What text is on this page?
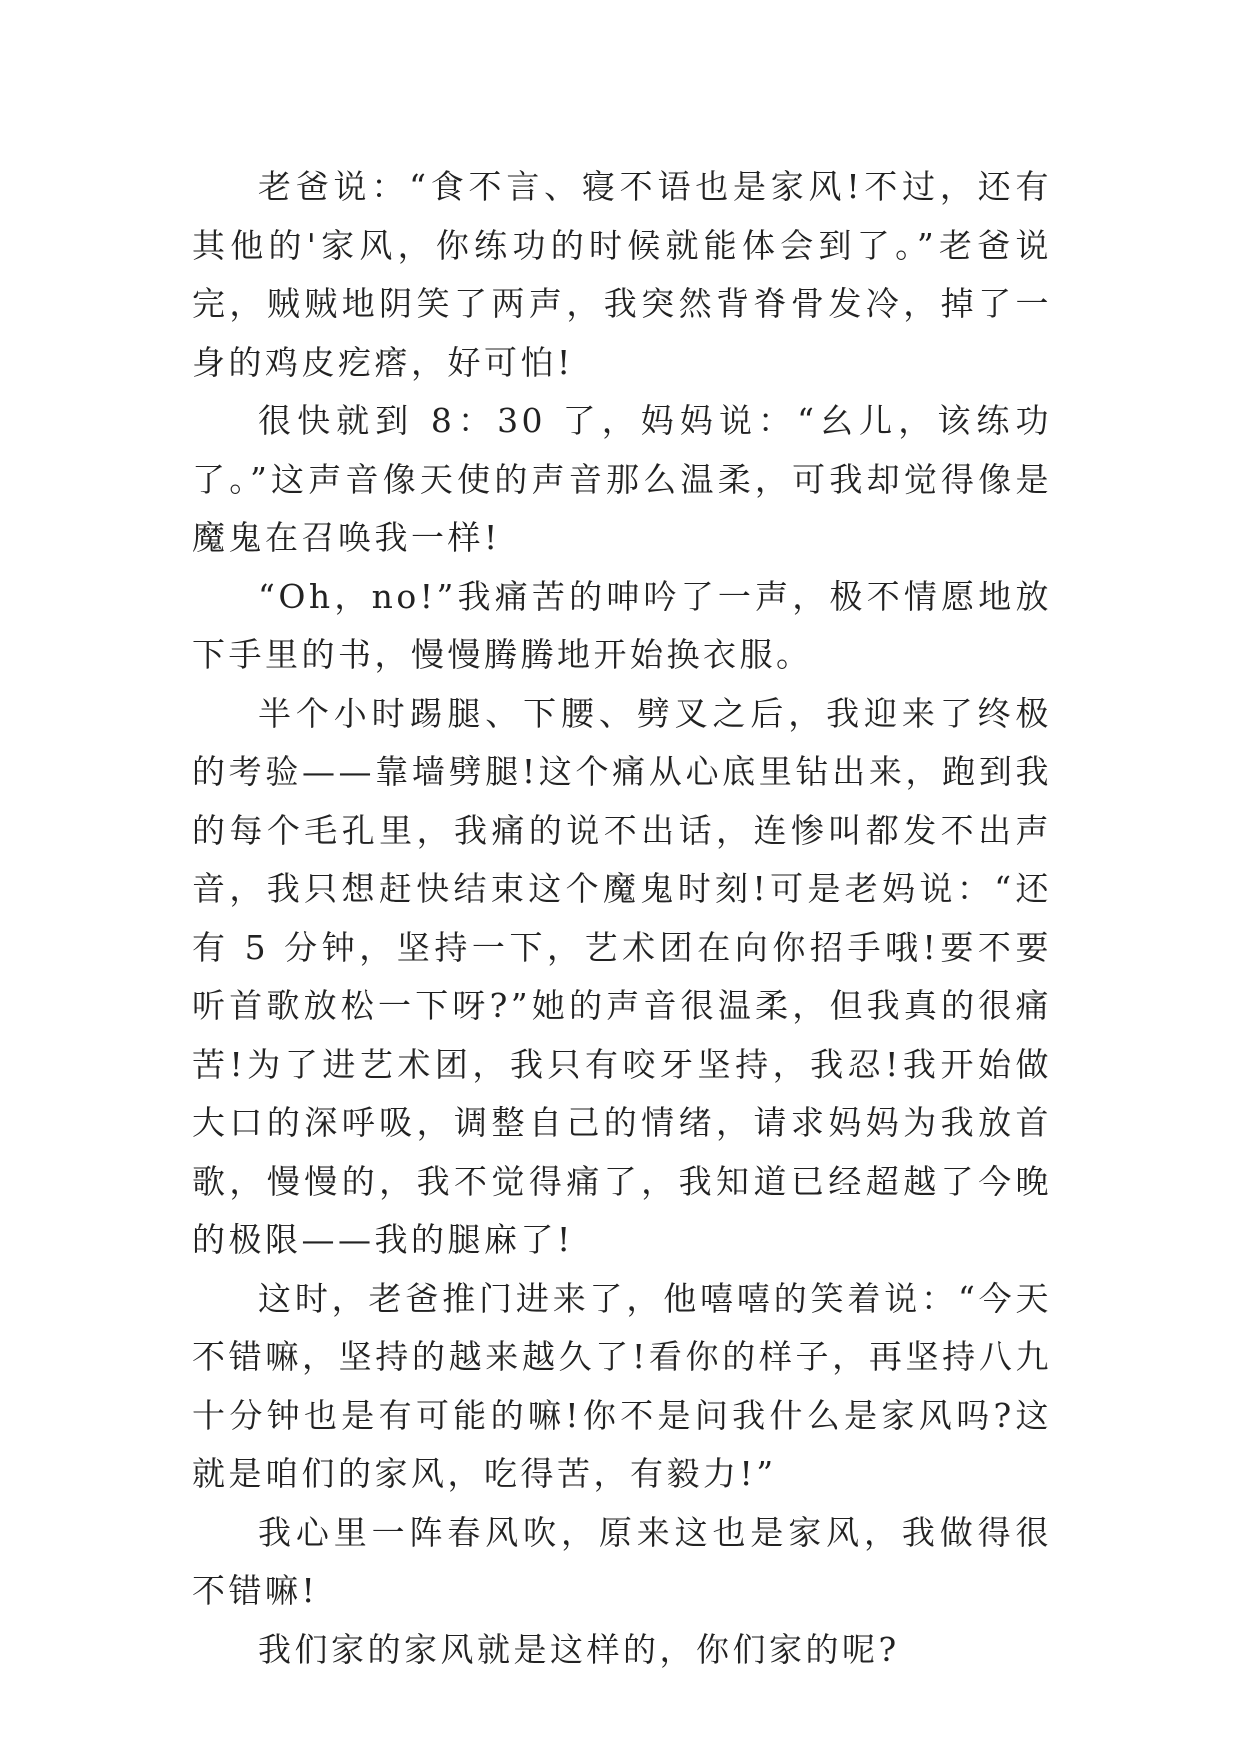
老爸说：“食不言、寝不语也是家风!不过，还有其他的'家风，你练功的时候就能体会到了。”老爸说完，贼贼地阴笑了两声，我突然背脊骨发冷，掉了一身的鸡皮疙瘩，好可怕!

很快就到 8：30 了，妈妈说：“幺儿，该练功了。”这声音像天使的声音那么温柔，可我却觉得像是魔鬼在召唤我一样!

“Oh，no!”我痛苦的呻吟了一声，极不情愿地放下手里的书，慢慢腾腾地开始换衣服。

半个小时踢腿、下腰、劈叉之后，我迎来了终极的考验——靠墙劈腿!这个痛从心底里钻出来，跑到我的每个毛孔里，我痛的说不出话，连惨叫都发不出声音，我只想赶快结束这个魔鬼时刻!可是老妈说：“还有 5 分钟，坚持一下，艺术团在向你招手哦!要不要听首歌放松一下呀?”她的声音很温柔，但我真的很痛苦!为了进艺术团，我只有咬牙坚持，我忍!我开始做大口的深呼吸，调整自己的情绪，请求妈妈为我放首歌，慢慢的，我不觉得痛了，我知道已经超越了今晚的极限——我的腿麻了!

这时，老爸推门进来了，他嘻嘻的笑着说：“今天不错嘛，坚持的越来越久了!看你的样子，再坚持八九十分钟也是有可能的嘛!你不是问我什么是家风吗?这就是咱们的家风，吃得苦，有毅力!”

我心里一阵春风吹，原来这也是家风，我做得很不错嘛!

我们家的家风就是这样的，你们家的呢?
